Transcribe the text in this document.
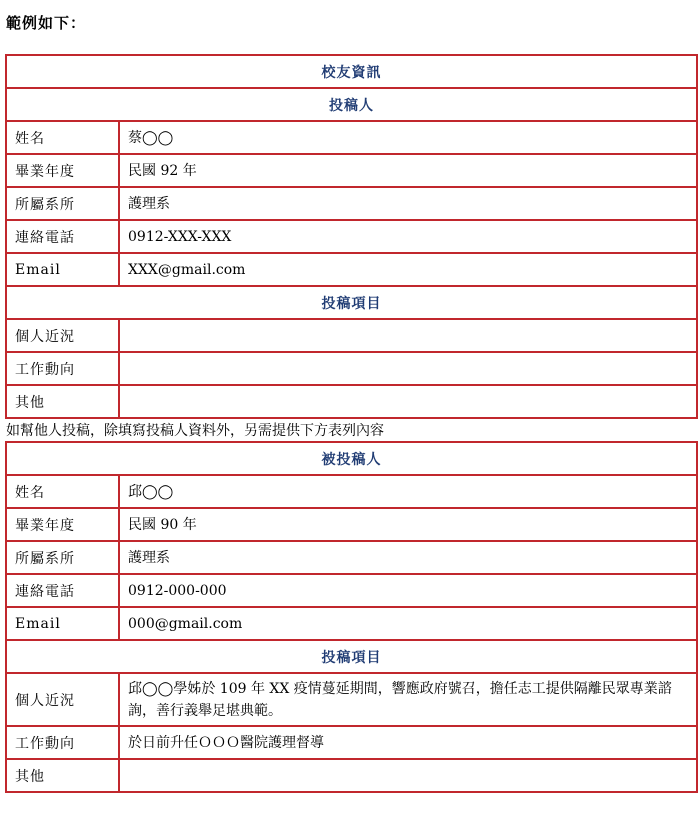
範例如下：
校友資訊	
投稿人	
姓名	蔡◯◯
畢業年度	民國 92 年
所屬系所	護理系
連絡電話	0912-XXX-XXX
Email	XXX@gmail.com
投稿項目	
個人近況	
工作動向	
其他	
如幫他人投稿，除填寫投稿人資料外，另需提供下方表列內容
被投稿人	
姓名	邱◯◯
畢業年度	民國 90 年
所屬系所	護理系
連絡電話	0912-000-000
Email	000@gmail.com
投稿項目	
個人近況	邱◯◯學姊於 109 年 XX 疫情蔓延期間，響應政府號召，擔任志工提供隔離民眾專業諮詢，善行義舉足堪典範。
工作動向	於日前升任ＯＯＯ醫院護理督導
其他	
